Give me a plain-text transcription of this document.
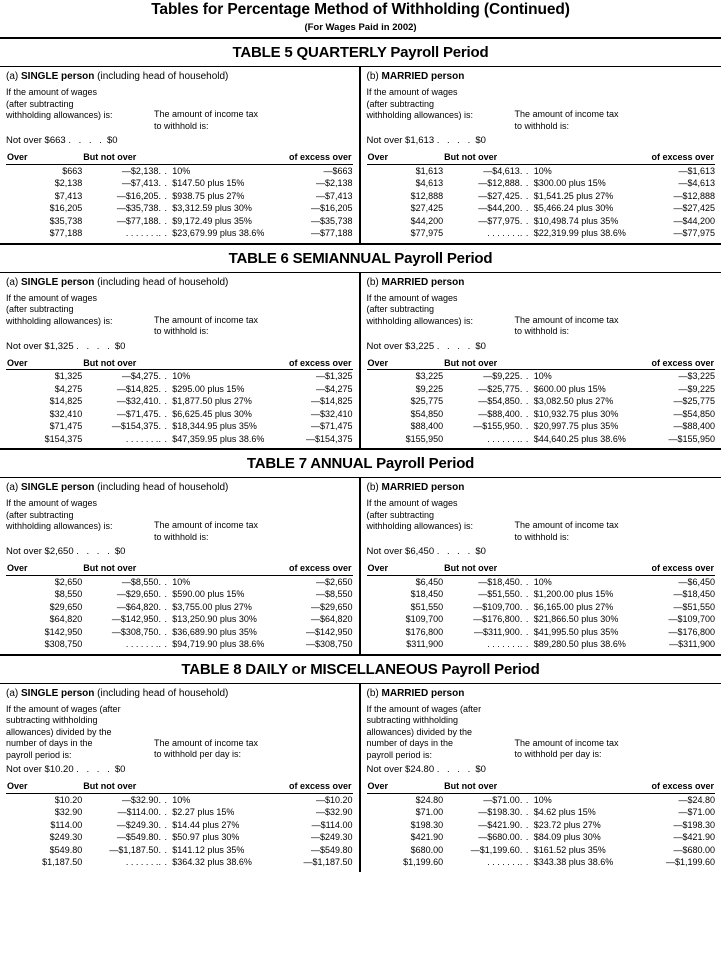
Tables for Percentage Method of Withholding (Continued)
(For Wages Paid in 2002)
TABLE 5 QUARTERLY Payroll Period
(a) SINGLE person (including head of household)
If the amount of wages
(after subtracting
withholding allowances) is:	The amount of income tax
to withhold is:
Not over $663 . . . . $0
Over	But not over		of excess over	

$663	—$2,138	. .	10%	—$663
$2,138	—$7,413	. .	$147.50 plus 15%	—$2,138
$7,413	—$16,205	. .	$938.75 plus 27%	—$7,413
$16,205	—$35,738	. .	$3,312.59 plus 30%	—$16,205
$35,738	—$77,188	. .	$9,172.49 plus 35%	—$35,738
$77,188	. . . . . . .	. .	$23,679.99 plus 38.6%	—$77,188
(b) MARRIED person
If the amount of wages
(after subtracting
withholding allowances) is:	The amount of income tax
to withhold is:
Not over $1,613 . . . . $0
Over	But not over		of excess over	

$1,613	—$4,613	. .	10%	—$1,613
$4,613	—$12,888	. .	$300.00 plus 15%	—$4,613
$12,888	—$27,425	. .	$1,541.25 plus 27%	—$12,888
$27,425	—$44,200	. .	$5,466.24 plus 30%	—$27,425
$44,200	—$77,975	. .	$10,498.74 plus 35%	—$44,200
$77,975	. . . . . . .	. .	$22,319.99 plus 38.6%	—$77,975
TABLE 6 SEMIANNUAL Payroll Period
(a) SINGLE person (including head of household)
If the amount of wages
(after subtracting
withholding allowances) is:	The amount of income tax
to withhold is:
Not over $1,325 . . . . $0
Over	But not over		of excess over	

$1,325	—$4,275	. .	10%	—$1,325
$4,275	—$14,825	. .	$295.00 plus 15%	—$4,275
$14,825	—$32,410	. .	$1,877.50 plus 27%	—$14,825
$32,410	—$71,475	. .	$6,625.45 plus 30%	—$32,410
$71,475	—$154,375	. .	$18,344.95 plus 35%	—$71,475
$154,375	. . . . . . .	. .	$47,359.95 plus 38.6%	—$154,375
(b) MARRIED person
If the amount of wages
(after subtracting
withholding allowances) is:	The amount of income tax
to withhold is:
Not over $3,225 . . . . $0
Over	But not over		of excess over	

$3,225	—$9,225	. .	10%	—$3,225
$9,225	—$25,775	. .	$600.00 plus 15%	—$9,225
$25,775	—$54,850	. .	$3,082.50 plus 27%	—$25,775
$54,850	—$88,400	. .	$10,932.75 plus 30%	—$54,850
$88,400	—$155,950	. .	$20,997.75 plus 35%	—$88,400
$155,950	. . . . . . .	. .	$44,640.25 plus 38.6%	—$155,950
TABLE 7 ANNUAL Payroll Period
(a) SINGLE person (including head of household)
If the amount of wages
(after subtracting
withholding allowances) is:	The amount of income tax
to withhold is:
Not over $2,650 . . . . $0
Over	But not over		of excess over	

$2,650	—$8,550	. .	10%	—$2,650
$8,550	—$29,650	. .	$590.00 plus 15%	—$8,550
$29,650	—$64,820	. .	$3,755.00 plus 27%	—$29,650
$64,820	—$142,950	. .	$13,250.90 plus 30%	—$64,820
$142,950	—$308,750	. .	$36,689.90 plus 35%	—$142,950
$308,750	. . . . . . .	. .	$94,719.90 plus 38.6%	—$308,750
(b) MARRIED person
If the amount of wages
(after subtracting
withholding allowances) is:	The amount of income tax
to withhold is:
Not over $6,450 . . . . $0
Over	But not over		of excess over	

$6,450	—$18,450	. .	10%	—$6,450
$18,450	—$51,550	. .	$1,200.00 plus 15%	—$18,450
$51,550	—$109,700	. .	$6,165.00 plus 27%	—$51,550
$109,700	—$176,800	. .	$21,866.50 plus 30%	—$109,700
$176,800	—$311,900	. .	$41,995.50 plus 35%	—$176,800
$311,900	. . . . . . .	. .	$89,280.50 plus 38.6%	—$311,900
TABLE 8 DAILY or MISCELLANEOUS Payroll Period
(a) SINGLE person (including head of household)
If the amount of wages (after
subtracting withholding
allowances) divided by the
number of days in the
payroll period is:
The amount of income tax
to withhold per day is:
Not over $10.20 . . . . $0
Over	But not over		of excess over	

$10.20	—$32.90	. .	10%	—$10.20
$32.90	—$114.00	. .	$2.27 plus 15%	—$32.90
$114.00	—$249.30	. .	$14.44 plus 27%	—$114.00
$249.30	—$549.80	. .	$50.97 plus 30%	—$249.30
$549.80	—$1,187.50	. .	$141.12 plus 35%	—$549.80
$1,187.50	. . . . . . .	. .	$364.32 plus 38.6%	—$1,187.50
(b) MARRIED person
If the amount of wages (after
subtracting withholding
allowances) divided by the
number of days in the
payroll period is:
The amount of income tax
to withhold per day is:
Not over $24.80 . . . . $0
Over	But not over		of excess over	

$24.80	—$71.00	. .	10%	—$24.80
$71.00	—$198.30	. .	$4.62 plus 15%	—$71.00
$198.30	—$421.90	. .	$23.72 plus 27%	—$198.30
$421.90	—$680.00	. .	$84.09 plus 30%	—$421.90
$680.00	—$1,199.60	. .	$161.52 plus 35%	—$680.00
$1,199.60	. . . . . . .	. .	$343.38 plus 38.6%	—$1,199.60
